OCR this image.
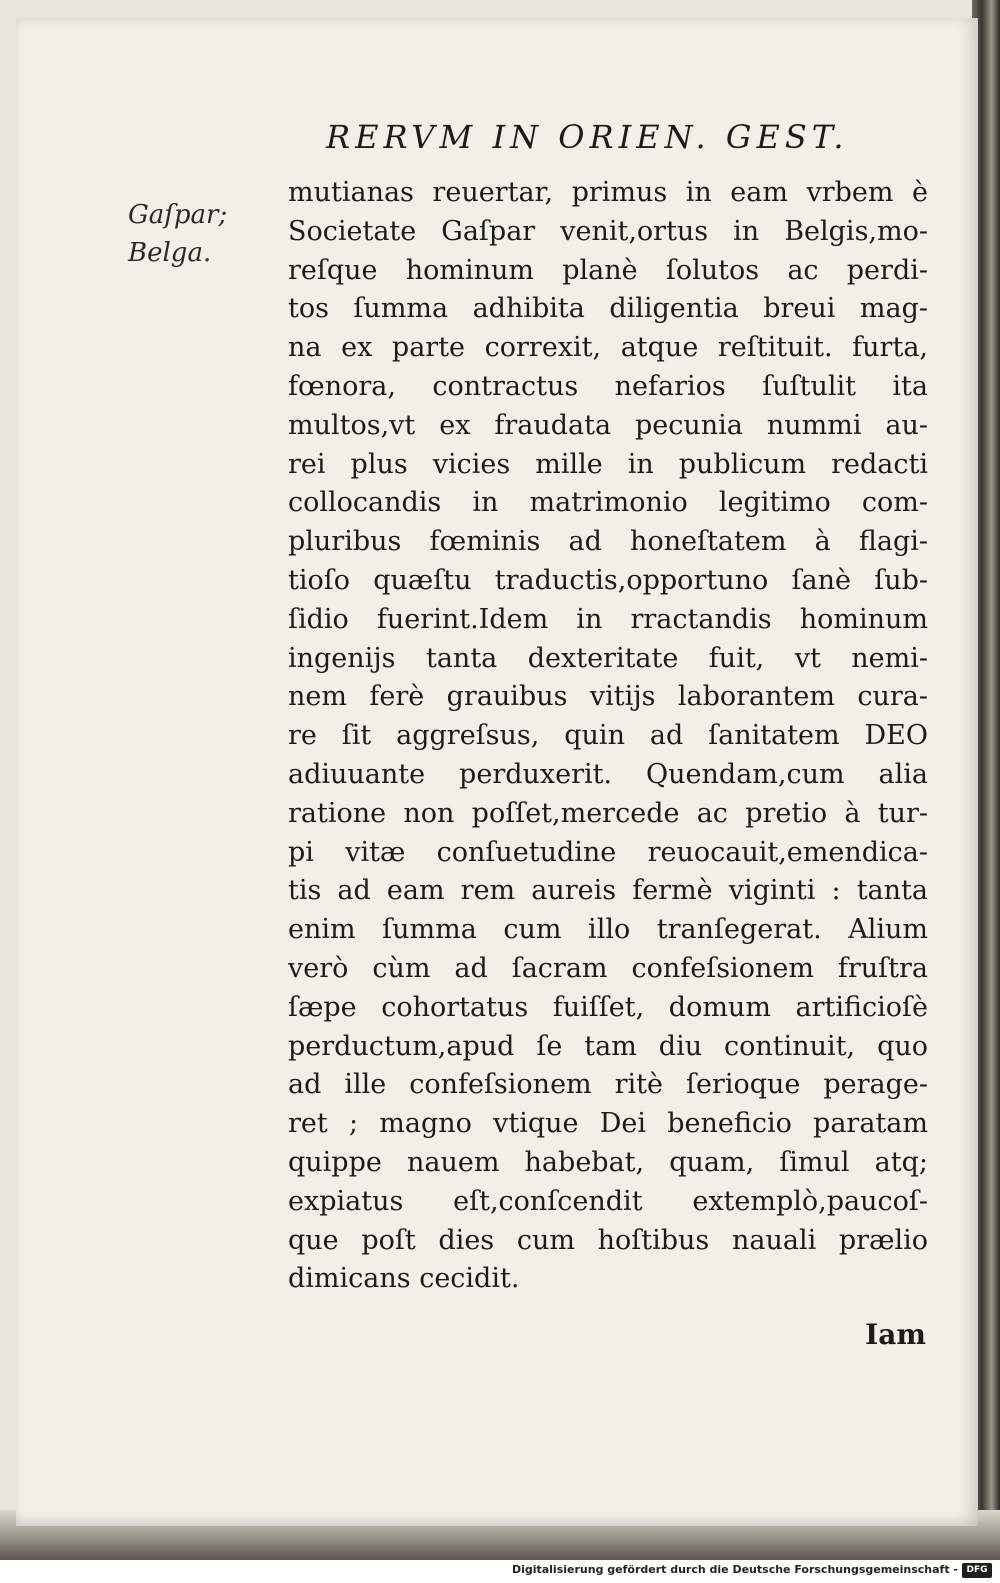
RERVM IN ORIEN. GEST.
Gaſpar;
Belga.
mutianas reuertar, primus in eam vrbem è
Societate Gaſpar venit,ortus in Belgis,mo-
reſque hominum planè ſolutos ac perdi-
tos ſumma adhibita diligentia breui mag-
na ex parte correxit, atque reſtituit. furta,
fœnora, contractus nefarios ſuſtulit ita
multos,vt ex fraudata pecunia nummi au-
rei plus vicies mille in publicum redacti
collocandis in matrimonio legitimo com-
pluribus fœminis ad honeſtatem à flagi-
tioſo quæſtu traductis,opportuno ſanè ſub-
ſidio fuerint.Idem in rractandis hominum
ingenijs tanta dexteritate fuit, vt nemi-
nem ferè grauibus vitijs laborantem cura-
re ſit aggreſsus, quin ad ſanitatem DEO
adiuuante perduxerit. Quendam,cum alia
ratione non poſſet,mercede ac pretio à tur-
pi vitæ conſuetudine reuocauit,emendica-
tis ad eam rem aureis fermè viginti : tanta
enim ſumma cum illo tranſegerat. Alium
verò cùm ad ſacram confeſsionem fruſtra
ſæpe cohortatus fuiſſet, domum artificioſè
perductum,apud ſe tam diu continuit, quo
ad ille confeſsionem ritè ſerioque perage-
ret ; magno vtique Dei beneficio paratam
quippe nauem habebat, quam, ſimul atq;
expiatus eſt,conſcendit extemplò,paucoſ-
que poſt dies cum hoſtibus nauali prælio
dimicans cecidit.
Iam
Digitalisierung gefördert durch die Deutsche Forschungsgemeinschaft - DFG
